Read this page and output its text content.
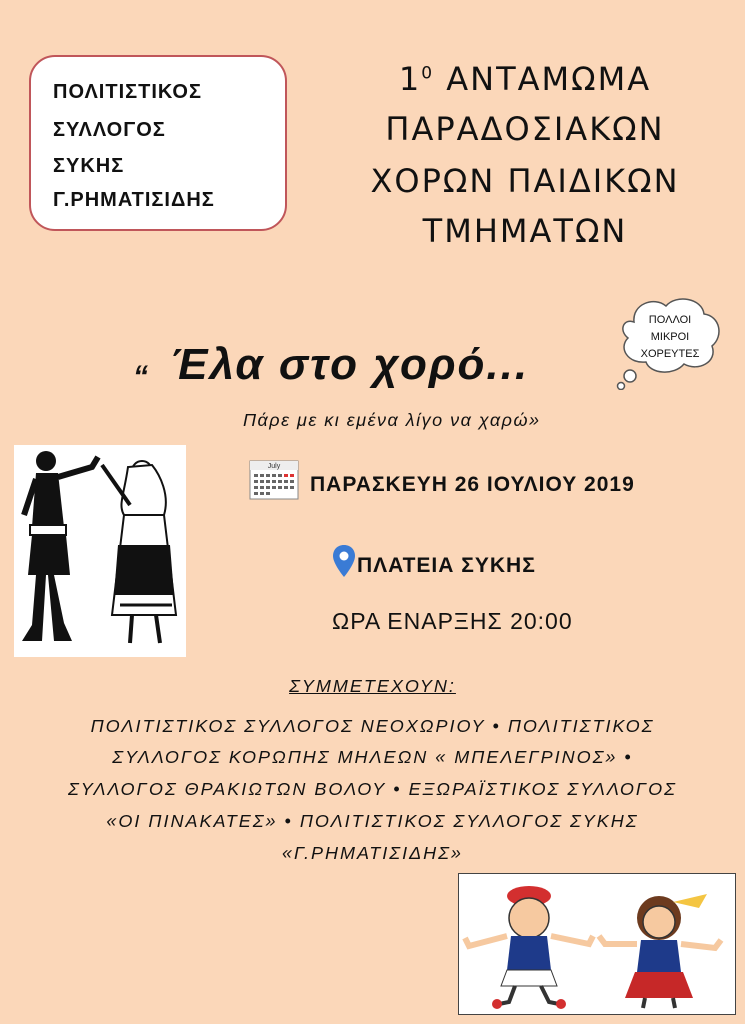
ΠΟΛΙΤΙΣΤΙΚΟΣ
ΣΥΛΛΟΓΟΣ
ΣΥΚΗΣ
Γ.ΡΗΜΑΤΙΣΙΔΗΣ
$1^0$ ΑΝΤΑΜΩΜΑ
ΠΑΡΑΔΟΣΙΑΚΩΝ
ΧΟΡΩΝ ΠΑΙΔΙΚΩΝ
ΤΜΗΜΑΤΩΝ
ΠΟΛΛΟΙ
ΜΙΚΡΟΙ
ΧΟΡΕΥΤΕΣ
“ Έλα στο χορό...
Πάρε με κι εμένα λίγο να χαρώ»
July
ΠΑΡΑΣΚΕΥΗ 26 ΙΟΥΛΙΟΥ 2019
ΠΛΑΤΕΙΑ ΣΥΚΗΣ
ΩΡΑ ΕΝΑΡΞΗΣ 20:00
ΣΥΜΜΕΤΕΧΟΥΝ:
ΠΟΛΙΤΙΣΤΙΚΟΣ ΣΥΛΛΟΓΟΣ ΝΕΟΧΩΡΙΟΥ • ΠΟΛΙΤΙΣΤΙΚΟΣ
ΣΥΛΛΟΓΟΣ ΚΟΡΩΠΗΣ ΜΗΛΕΩΝ « ΜΠΕΛΕΓΡΙΝΟΣ» •
ΣΥΛΛΟΓΟΣ ΘΡΑΚΙΩΤΩΝ ΒΟΛΟΥ • ΕΞΩΡΑΪΣΤΙΚΟΣ ΣΥΛΛΟΓΟΣ
«ΟΙ ΠΙΝΑΚΑΤΕΣ» • ΠΟΛΙΤΙΣΤΙΚΟΣ ΣΥΛΛΟΓΟΣ ΣΥΚΗΣ
«Γ.ΡΗΜΑΤΙΣΙΔΗΣ»
